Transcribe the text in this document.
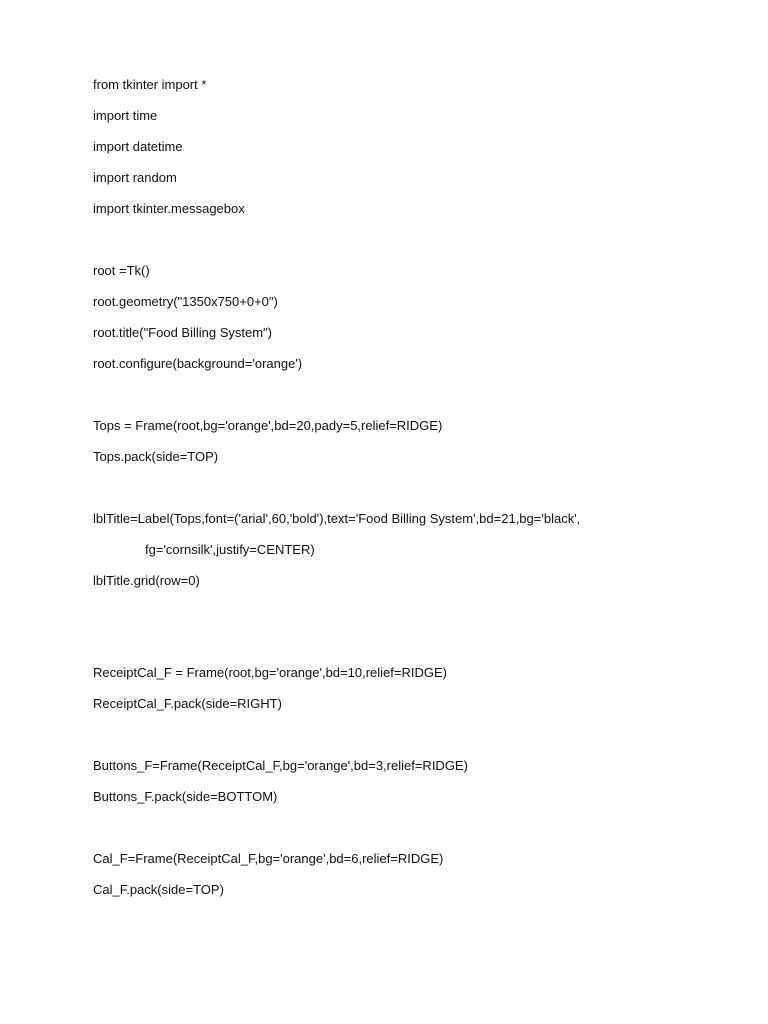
from tkinter import *
import time
import datetime
import random
import tkinter.messagebox
root =Tk()
root.geometry("1350x750+0+0")
root.title("Food Billing System")
root.configure(background='orange')
Tops = Frame(root,bg='orange',bd=20,pady=5,relief=RIDGE)
Tops.pack(side=TOP)
lblTitle=Label(Tops,font=('arial',60,'bold'),text='Food Billing System',bd=21,bg='black',
fg='cornsilk',justify=CENTER)
lblTitle.grid(row=0)
ReceiptCal_F = Frame(root,bg='orange',bd=10,relief=RIDGE)
ReceiptCal_F.pack(side=RIGHT)
Buttons_F=Frame(ReceiptCal_F,bg='orange',bd=3,relief=RIDGE)
Buttons_F.pack(side=BOTTOM)
Cal_F=Frame(ReceiptCal_F,bg='orange',bd=6,relief=RIDGE)
Cal_F.pack(side=TOP)
